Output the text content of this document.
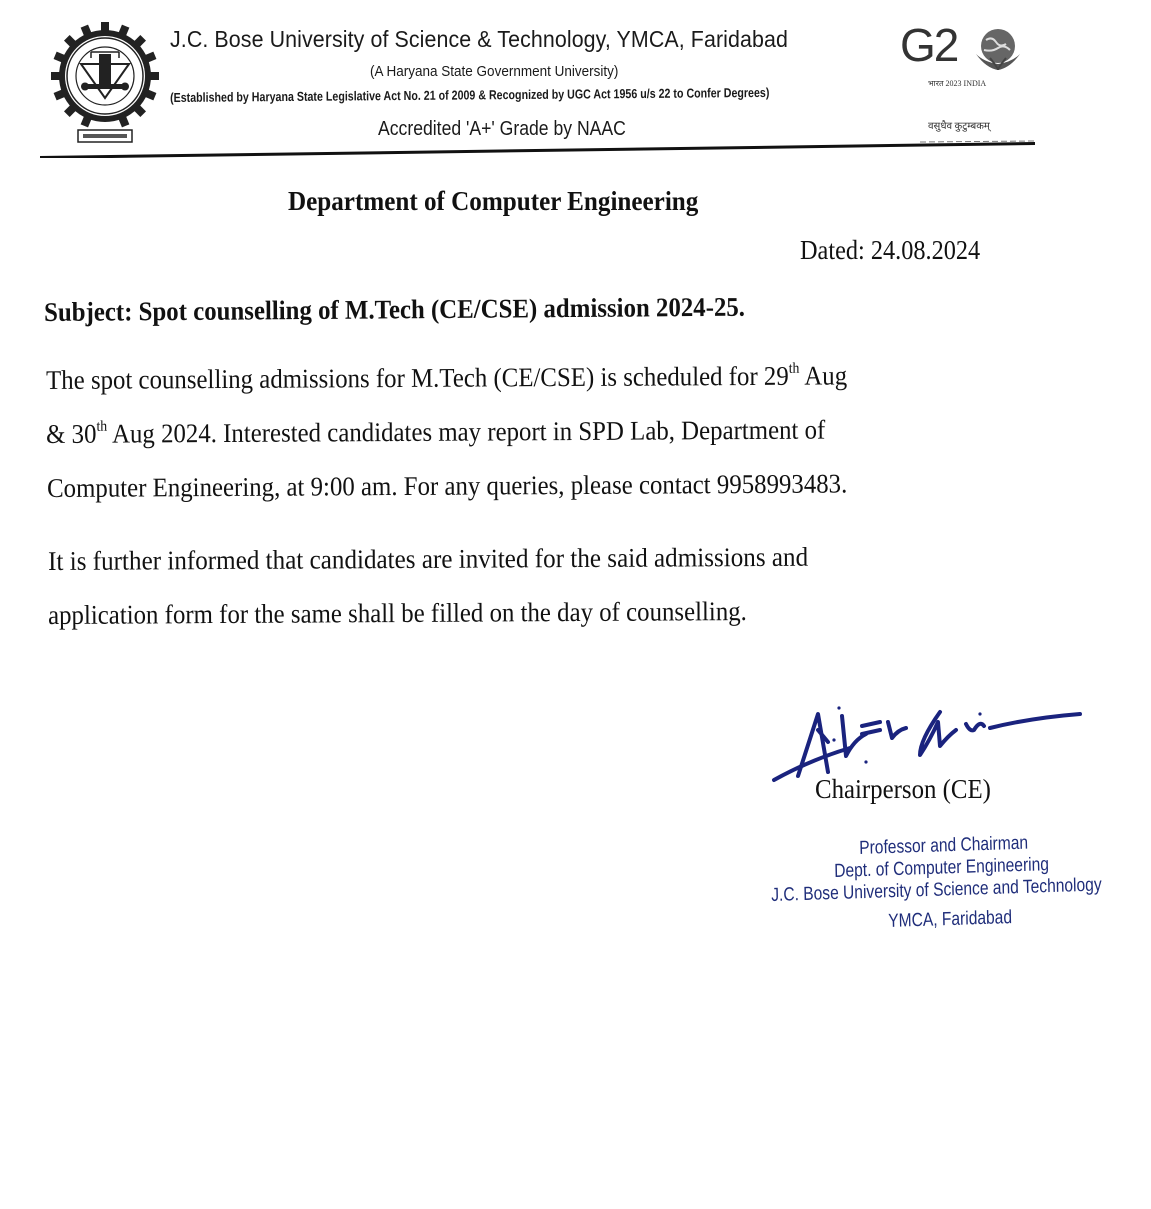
J.C. Bose University of Science & Technology, YMCA, Faridabad
(A Haryana State Government University)
(Established by Haryana State Legislative Act No. 21 of 2009 & Recognized by UGC Act 1956 u/s 22 to Confer Degrees)
Accredited 'A+' Grade by NAAC
G2
भारत 2023 INDIA
वसुधैव कुटुम्बकम्
Department of Computer Engineering
Dated: 24.08.2024
Subject: Spot counselling of M.Tech (CE/CSE) admission 2024-25.
The spot counselling admissions for M.Tech (CE/CSE) is scheduled for 29th Aug
& 30th Aug 2024. Interested candidates may report in SPD Lab, Department of
Computer Engineering, at 9:00 am. For any queries, please contact 9958993483.
It is further informed that candidates are invited for the said admissions and
application form for the same shall be filled on the day of counselling.
Chairperson (CE)
Professor and Chairman
Dept. of Computer Engineering
J.C. Bose University of Science and Technology
YMCA, Faridabad
